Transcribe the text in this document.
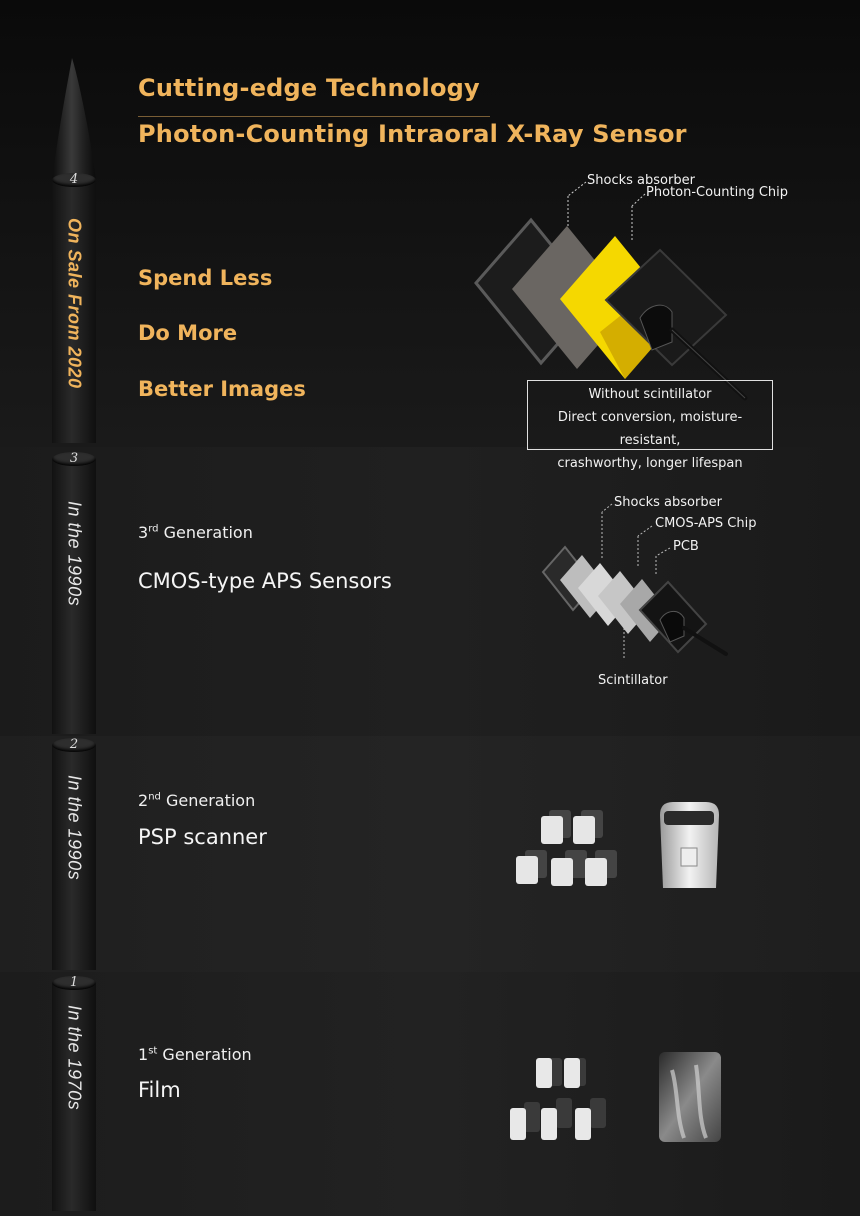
4
On Sale From 2020
3
In the 1990s
2
In the 1990s
1
In the 1970s
Cutting-edge Technology
Photon-Counting Intraoral X-Ray Sensor
Spend Less
Do More
Better Images
Shocks absorber
Photon-Counting Chip
Without scintillator
Direct conversion, moisture-resistant,
crashworthy, longer lifespan
3rd Generation
CMOS-type APS Sensors
Shocks absorber
CMOS-APS Chip
PCB
Scintillator
2nd Generation
PSP scanner
1st Generation
Film
